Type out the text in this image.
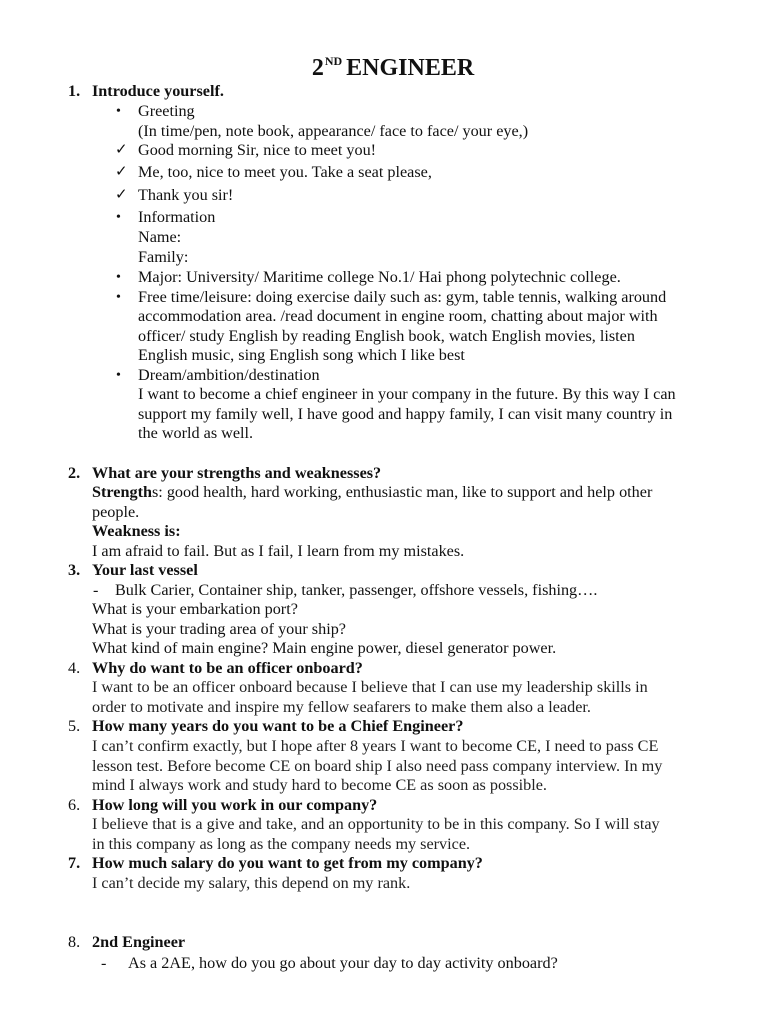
2ND ENGINEER
1. Introduce yourself.
• Greeting
(In time/pen, note book, appearance/ face to face/ your eye,)
✓ Good morning Sir, nice to meet you!
✓ Me, too, nice to meet you. Take a seat please,
✓ Thank you sir!
• Information
Name:
Family:
• Major: University/ Maritime college No.1/ Hai phong polytechnic college.
• Free time/leisure: doing exercise daily such as: gym, table tennis, walking around
accommodation area. /read document in engine room, chatting about major with
officer/ study English by reading English book, watch English movies, listen
English music, sing English song which I like best
• Dream/ambition/destination
I want to become a chief engineer in your company in the future. By this way I can
support my family well, I have good and happy family, I can visit many country in
the world as well.
2. What are your strengths and weaknesses?
Strengths: good health, hard working, enthusiastic man, like to support and help other
people.
Weakness is:
I am afraid to fail. But as I fail, I learn from my mistakes.
3. Your last vessel
- Bulk Carier, Container ship, tanker, passenger, offshore vessels, fishing….
What is your embarkation port?
What is your trading area of your ship?
What kind of main engine? Main engine power, diesel generator power.
4. Why do want to be an officer onboard?
I want to be an officer onboard because I believe that I can use my leadership skills in
order to motivate and inspire my fellow seafarers to make them also a leader.
5. How many years do you want to be a Chief Engineer?
I can’t confirm exactly, but I hope after 8 years I want to become CE, I need to pass CE
lesson test. Before become CE on board ship I also need pass company interview. In my
mind I always work and study hard to become CE as soon as possible.
6. How long will you work in our company?
I believe that is a give and take, and an opportunity to be in this company. So I will stay
in this company as long as the company needs my service.
7. How much salary do you want to get from my company?
I can’t decide my salary, this depend on my rank.
8. 2nd Engineer
- As a 2AE, how do you go about your day to day activity onboard?
